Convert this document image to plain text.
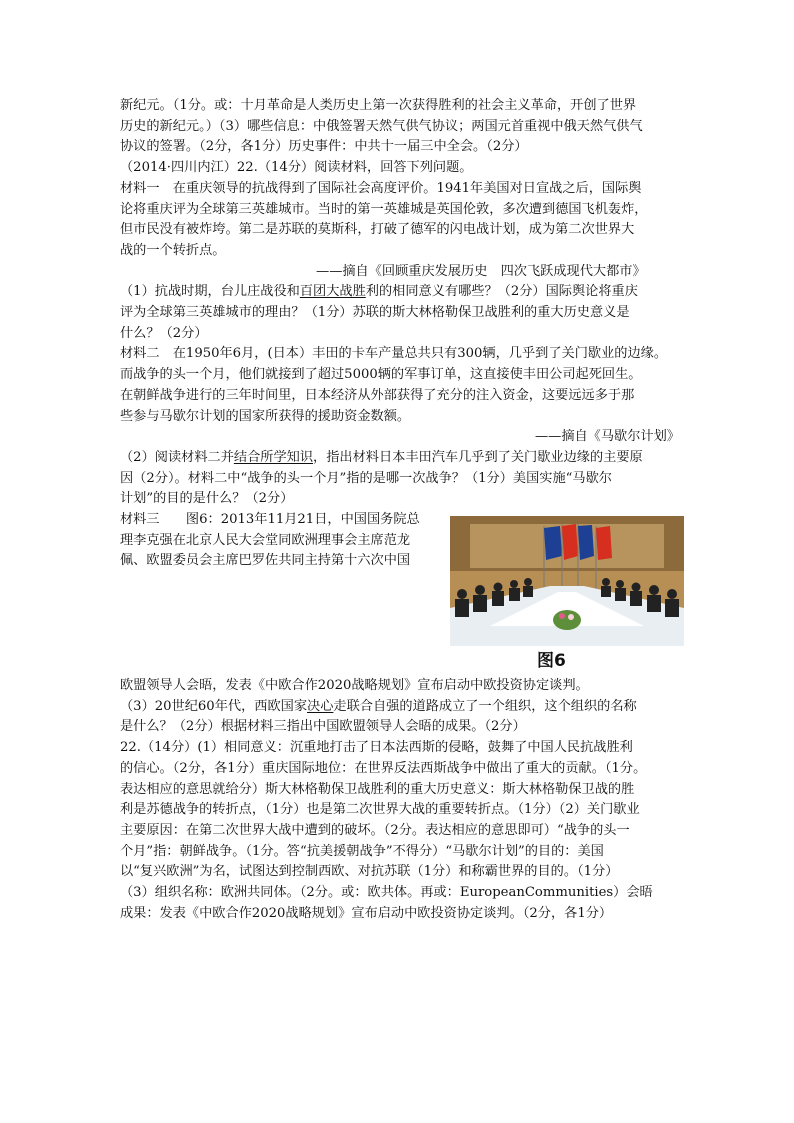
新纪元。（1分。或：十月革命是人类历史上第一次获得胜利的社会主义革命，开创了世界

历史的新纪元。）（3）哪些信息：中俄签署天然气供气协议；两国元首重视中俄天然气供气

协议的签署。（2分，各1分）历史事件：中共十一届三中全会。（2分）

（2014·四川内江）22.（14分）阅读材料，回答下列问题。

材料一　在重庆领导的抗战得到了国际社会高度评价。1941年美国对日宣战之后，国际舆

论将重庆评为全球第三英雄城市。当时的第一英雄城是英国伦敦，多次遭到德国飞机轰炸，

但市民没有被炸垮。第二是苏联的莫斯科，打破了德军的闪电战计划，成为第二次世界大

战的一个转折点。

——摘自《回顾重庆发展历史　四次飞跃成现代大都市》

（1）抗战时期，台儿庄战役和百团大战胜利的相同意义有哪些？（2分）国际舆论将重庆

评为全球第三英雄城市的理由？（1分）苏联的斯大林格勒保卫战胜利的重大历史意义是

什么？（2分）

材料二　在1950年6月，(日本）丰田的卡车产量总共只有300辆，几乎到了关门歇业的边缘。

而战争的头一个月，他们就接到了超过5000辆的军事订单，这直接使丰田公司起死回生。

在朝鲜战争进行的三年时间里，日本经济从外部获得了充分的注入资金，这要远远多于那

些参与马歇尔计划的国家所获得的援助资金数额。

——摘自《马歇尔计划》

（2）阅读材料二并结合所学知识，指出材料日本丰田汽车几乎到了关门歇业边缘的主要原

因（2分）。材料二中“战争的头一个月”指的是哪一次战争？（1分）美国实施“马歇尔

计划”的目的是什么？（2分）

材料三　　图6：2013年11月21日，中国国务院总

理李克强在北京人民大会堂同欧洲理事会主席范龙

佩、欧盟委员会主席巴罗佐共同主持第十六次中国

图6

欧盟领导人会晤，发表《中欧合作2020战略规划》宣布启动中欧投资协定谈判。

（3）20世纪60年代，西欧国家决心走联合自强的道路成立了一个组织，这个组织的名称

是什么？（2分）根据材料三指出中国欧盟领导人会晤的成果。（2分）

22.（14分）(1）相同意义：沉重地打击了日本法西斯的侵略，鼓舞了中国人民抗战胜利

的信心。（2分，各1分）重庆国际地位：在世界反法西斯战争中做出了重大的贡献。（1分。

表达相应的意思就给分）斯大林格勒保卫战胜利的重大历史意义：斯大林格勒保卫战的胜

利是苏德战争的转折点，（1分）也是第二次世界大战的重要转折点。（1分）（2）关门歇业

主要原因：在第二次世界大战中遭到的破坏。（2分。表达相应的意思即可）“战争的头一

个月”指：朝鲜战争。（1分。答“抗美援朝战争”不得分）“马歇尔计划”的目的：美国

以“复兴欧洲”为名，试图达到控制西欧、对抗苏联（1分）和称霸世界的目的。（1分）

（3）组织名称：欧洲共同体。（2分。或：欧共体。再或：EuropeanCommunities）会晤

成果：发表《中欧合作2020战略规划》宣布启动中欧投资协定谈判。（2分，各1分）
